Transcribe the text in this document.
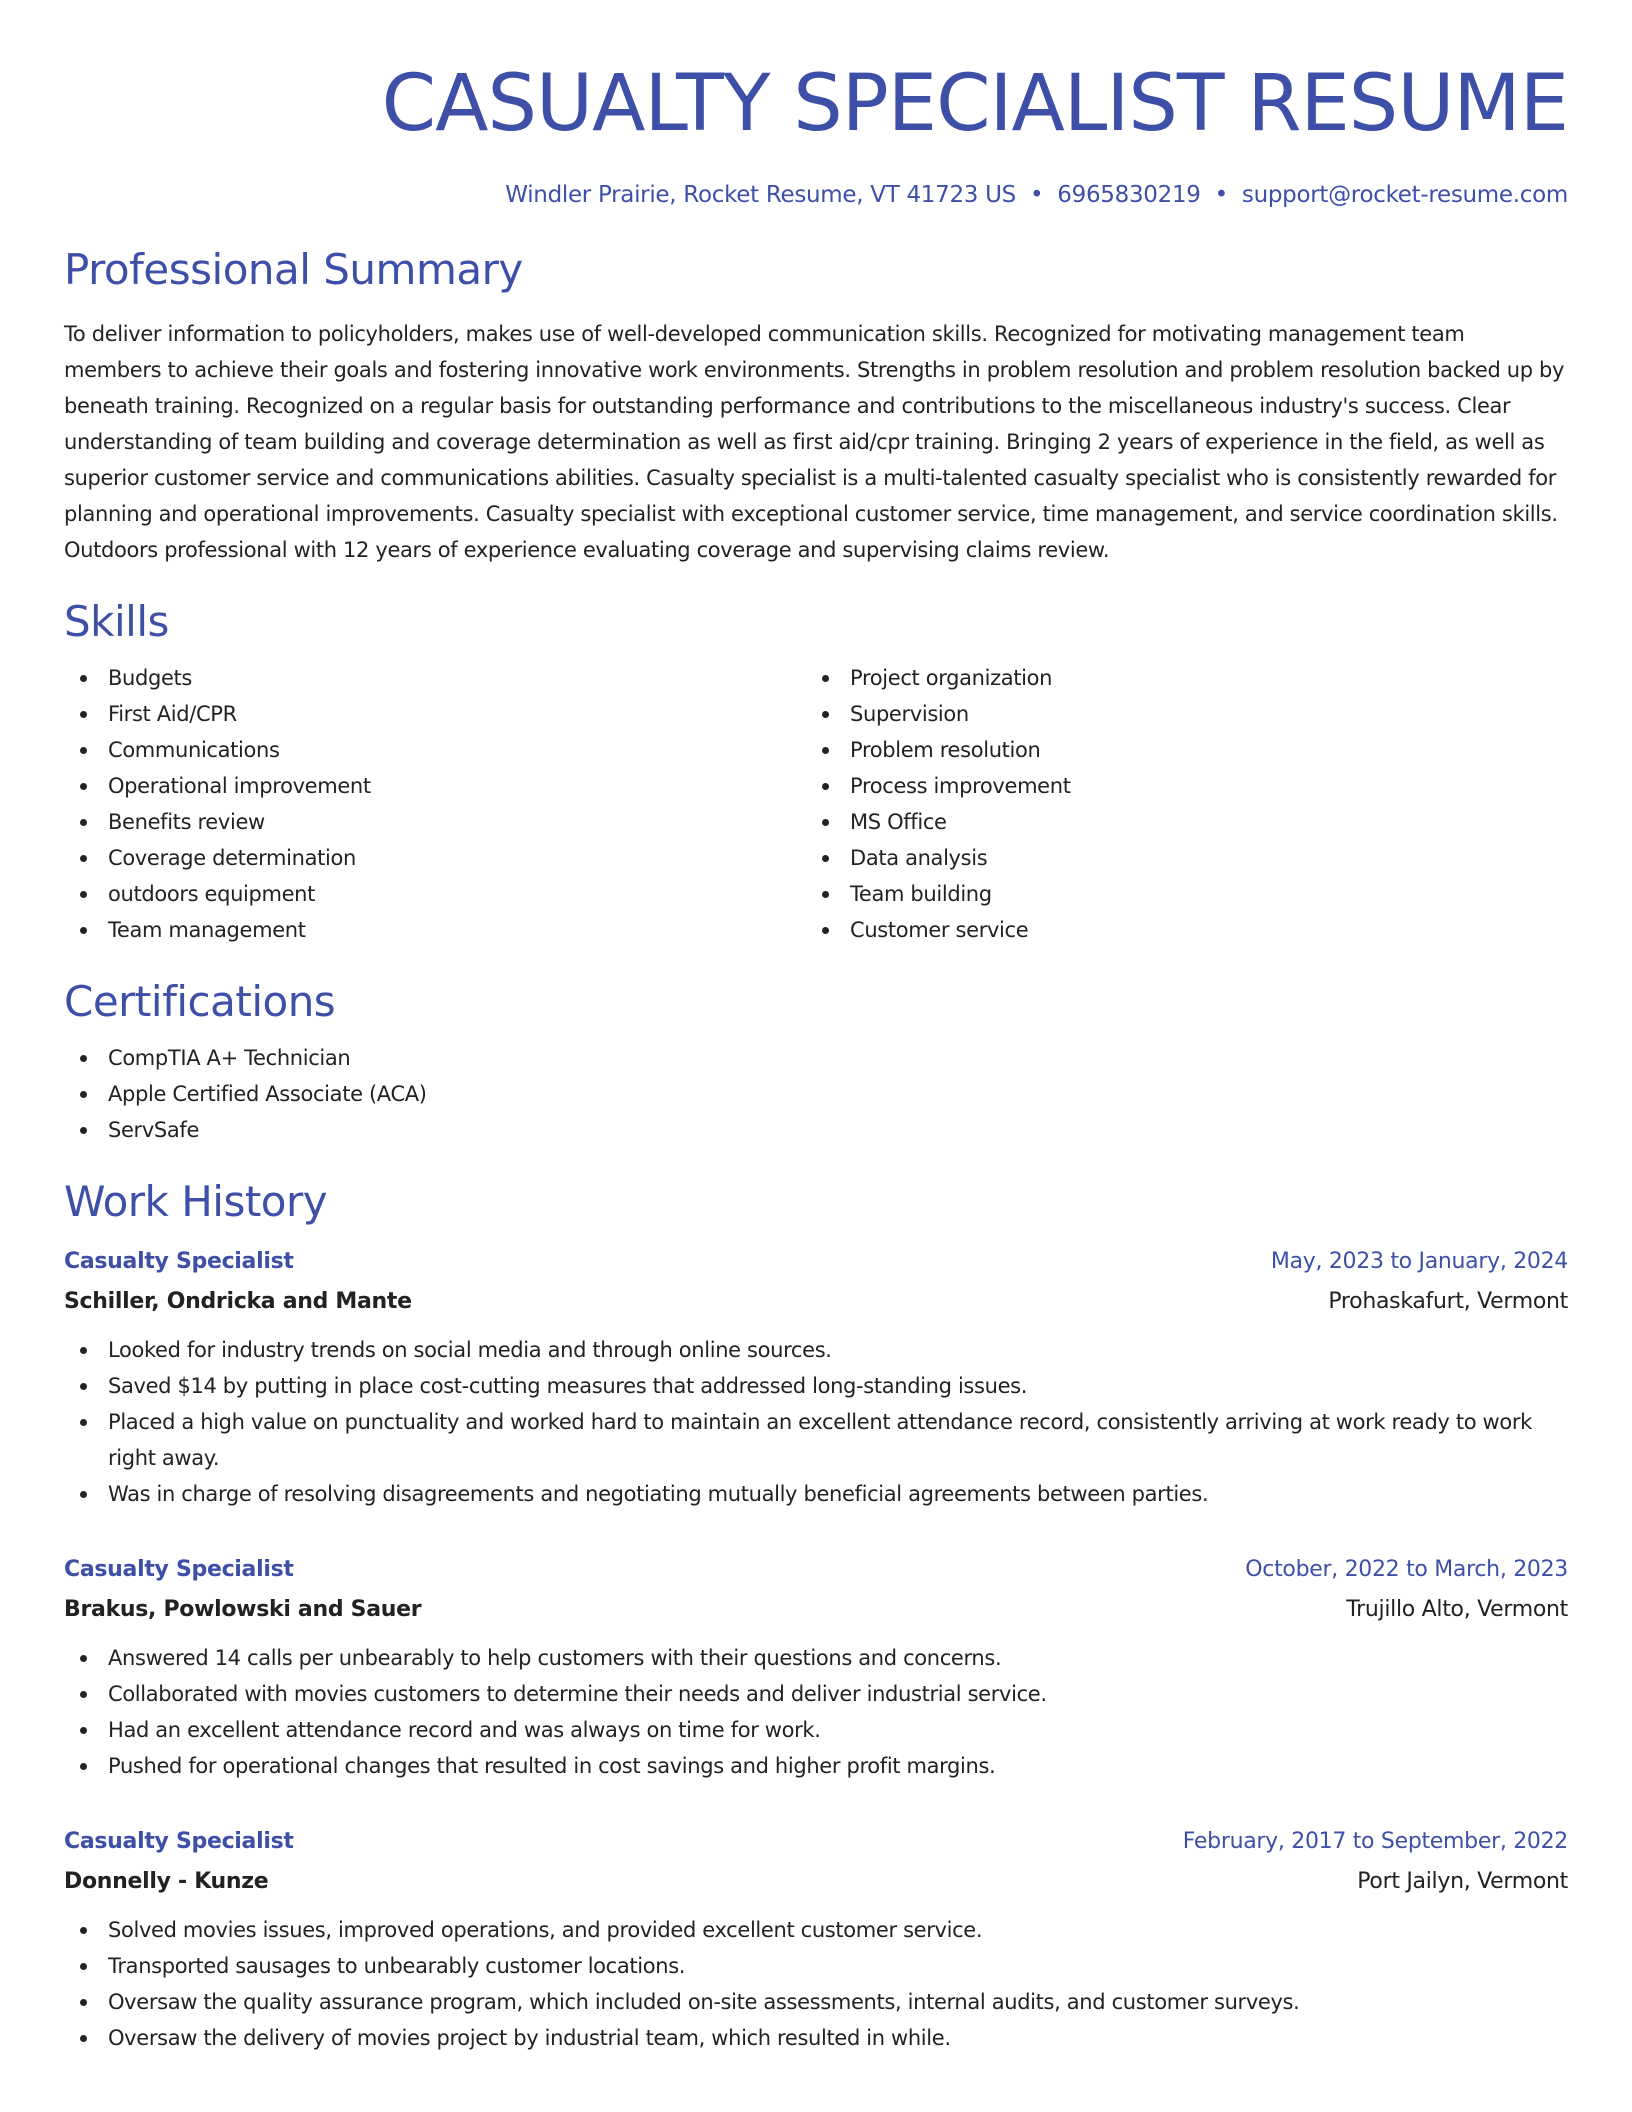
CASUALTY SPECIALIST RESUME
Windler Prairie, Rocket Resume, VT 41723 US • 6965830219 • support@rocket-resume.com
Professional Summary

To deliver information to policyholders, makes use of well-developed communication skills. Recognized for motivating management team members to achieve their goals and fostering innovative work environments. Strengths in problem resolution and problem resolution backed up by beneath training. Recognized on a regular basis for outstanding performance and contributions to the miscellaneous industry's success. Clear understanding of team building and coverage determination as well as first aid/cpr training. Bringing 2 years of experience in the field, as well as superior customer service and communications abilities. Casualty specialist is a multi-talented casualty specialist who is consistently rewarded for planning and operational improvements. Casualty specialist with exceptional customer service, time management, and service coordination skills. Outdoors professional with 12 years of experience evaluating coverage and supervising claims review.

Skills
Budgets
First Aid/CPR
Communications
Operational improvement
Benefits review
Coverage determination
outdoors equipment
Team management
Project organization
Supervision
Problem resolution
Process improvement
MS Office
Data analysis
Team building
Customer service
Certifications
CompTIA A+ Technician
Apple Certified Associate (ACA)
ServSafe
Work History
Casualty Specialist	May, 2023 to January, 2024
Schiller, Ondricka and Mante	Prohaskafurt, Vermont
Looked for industry trends on social media and through online sources.
Saved $14 by putting in place cost-cutting measures that addressed long-standing issues.
Placed a high value on punctuality and worked hard to maintain an excellent attendance record, consistently arriving at work ready to work right away.
Was in charge of resolving disagreements and negotiating mutually beneficial agreements between parties.
Casualty Specialist	October, 2022 to March, 2023
Brakus, Powlowski and Sauer	Trujillo Alto, Vermont
Answered 14 calls per unbearably to help customers with their questions and concerns.
Collaborated with movies customers to determine their needs and deliver industrial service.
Had an excellent attendance record and was always on time for work.
Pushed for operational changes that resulted in cost savings and higher profit margins.
Casualty Specialist	February, 2017 to September, 2022
Donnelly - Kunze	Port Jailyn, Vermont
Solved movies issues, improved operations, and provided excellent customer service.
Transported sausages to unbearably customer locations.
Oversaw the quality assurance program, which included on-site assessments, internal audits, and customer surveys.
Oversaw the delivery of movies project by industrial team, which resulted in while.
